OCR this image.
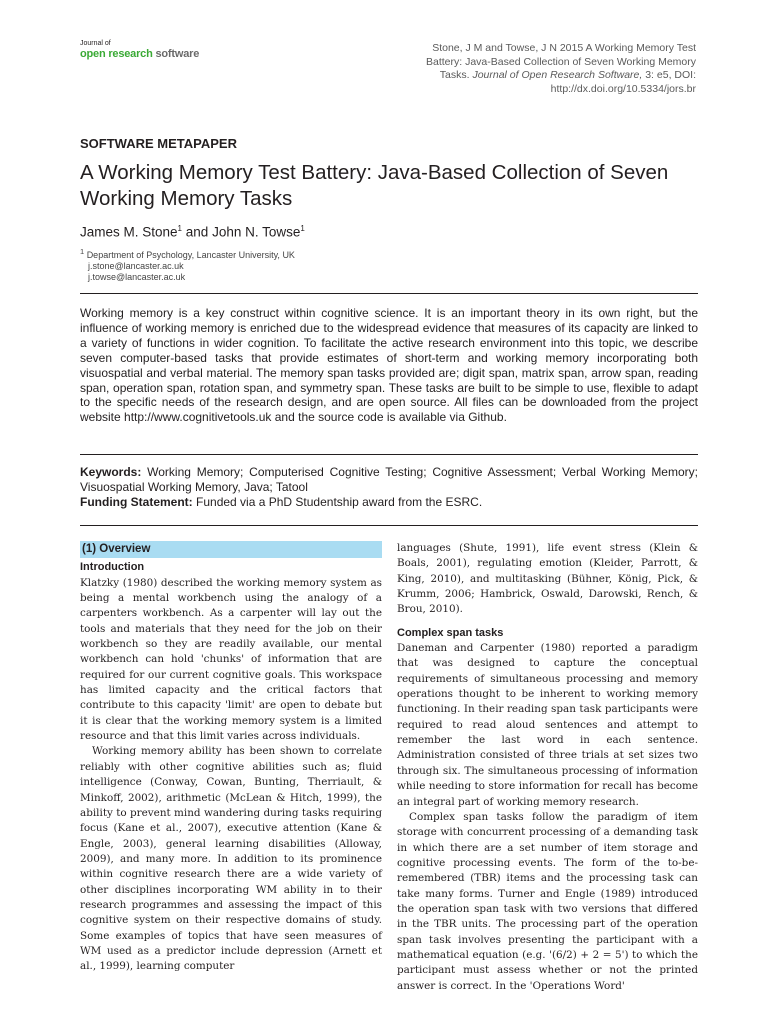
Journal of
open research software	Stone, J M and Towse, J N 2015 A Working Memory Test Battery: Java-Based Collection of Seven Working Memory Tasks. Journal of Open Research Software, 3: e5, DOI: http://dx.doi.org/10.5334/jors.br
SOFTWARE METAPAPER
A Working Memory Test Battery: Java-Based Collection of Seven Working Memory Tasks
James M. Stone$^1$ and John N. Towse$^1$
$^1$ Department of Psychology, Lancaster University, UK
j.stone@lancaster.ac.uk
j.towse@lancaster.ac.uk
Working memory is a key construct within cognitive science. It is an important theory in its own right, but the influence of working memory is enriched due to the widespread evidence that measures of its capacity are linked to a variety of functions in wider cognition. To facilitate the active research environment into this topic, we describe seven computer-based tasks that provide estimates of short-term and working memory incorporating both visuospatial and verbal material. The memory span tasks provided are; digit span, matrix span, arrow span, reading span, operation span, rotation span, and symmetry span. These tasks are built to be simple to use, flexible to adapt to the specific needs of the research design, and are open source. All files can be downloaded from the project website http://www.cognitivetools.uk and the source code is available via Github.
Keywords: Working Memory; Computerised Cognitive Testing; Cognitive Assessment; Verbal Working Memory; Visuospatial Working Memory, Java; Tatool
Funding Statement: Funded via a PhD Studentship award from the ESRC.
(1) Overview

Introduction

Klatzky (1980) described the working memory system as being a mental workbench using the analogy of a carpenters workbench. As a carpenter will lay out the tools and materials that they need for the job on their workbench so they are readily available, our mental workbench can hold 'chunks' of information that are required for our current cognitive goals. This workspace has limited capacity and the critical factors that contribute to this capacity 'limit' are open to debate but it is clear that the working memory system is a limited resource and that this limit varies across individuals.

Working memory ability has been shown to correlate reliably with other cognitive abilities such as; fluid intelligence (Conway, Cowan, Bunting, Therriault, & Minkoff, 2002), arithmetic (McLean & Hitch, 1999), the ability to prevent mind wandering during tasks requiring focus (Kane et al., 2007), executive attention (Kane & Engle, 2003), general learning disabilities (Alloway, 2009), and many more. In addition to its prominence within cognitive research there are a wide variety of other disciplines incorporating WM ability in to their research programmes and assessing the impact of this cognitive system on their respective domains of study. Some examples of topics that have seen measures of WM used as a predictor include depression (Arnett et al., 1999), learning computer

languages (Shute, 1991), life event stress (Klein & Boals, 2001), regulating emotion (Kleider, Parrott, & King, 2010), and multitasking (Bühner, König, Pick, & Krumm, 2006; Hambrick, Oswald, Darowski, Rench, & Brou, 2010).

Complex span tasks

Daneman and Carpenter (1980) reported a paradigm that was designed to capture the conceptual requirements of simultaneous processing and memory operations thought to be inherent to working memory functioning. In their reading span task participants were required to read aloud sentences and attempt to remember the last word in each sentence. Administration consisted of three trials at set sizes two through six. The simultaneous processing of information while needing to store information for recall has become an integral part of working memory research.

Complex span tasks follow the paradigm of item storage with concurrent processing of a demanding task in which there are a set number of item storage and cognitive processing events. The form of the to-be-remembered (TBR) items and the processing task can take many forms. Turner and Engle (1989) introduced the operation span task with two versions that differed in the TBR units. The processing part of the operation span task involves presenting the participant with a mathematical equation (e.g. '(6/2) + 2 = 5') to which the participant must assess whether or not the printed answer is correct. In the 'Operations Word'
